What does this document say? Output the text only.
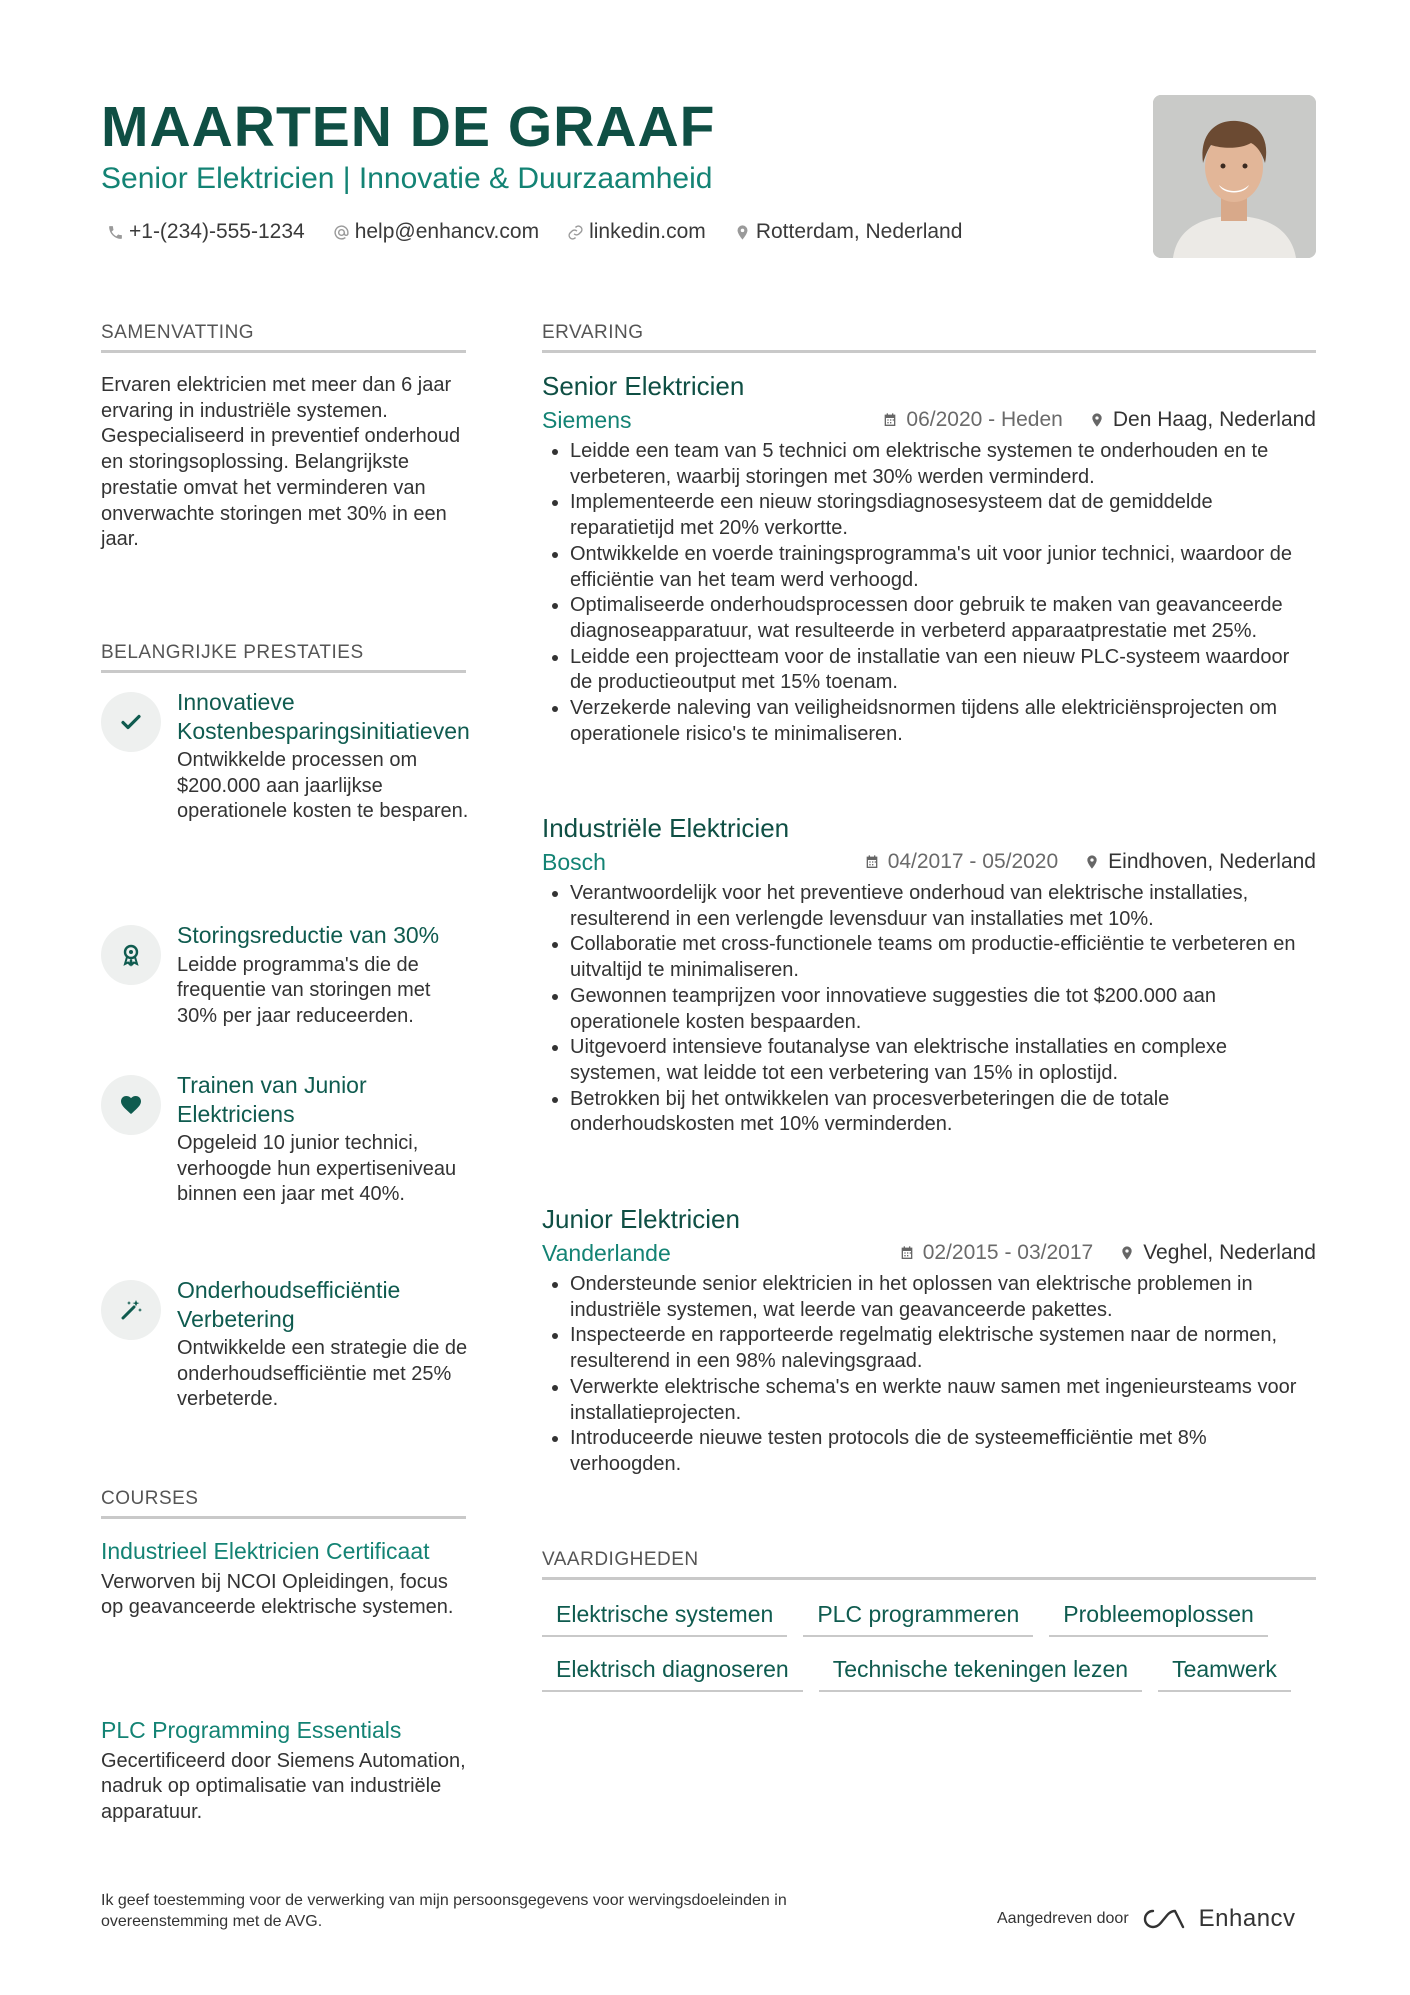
MAARTEN DE GRAAF

Senior Elektricien | Innovatie & Duurzaamheid

+1-(234)-555-1234 help@enhancv.com linkedin.com Rotterdam, Nederland
SAMENVATTING

Ervaren elektricien met meer dan 6 jaar ervaring in industriële systemen. Gespecialiseerd in preventief onderhoud en storingsoplossing. Belangrijkste prestatie omvat het verminderen van onverwachte storingen met 30% in een jaar.

BELANGRIJKE PRESTATIES
Innovatieve Kostenbesparingsinitiatieven

Ontwikkelde processen om $200.000 aan jaarlijkse operationele kosten te besparen.

Storingsreductie van 30%

Leidde programma's die de frequentie van storingen met 30% per jaar reduceerden.

Trainen van Junior Elektriciens

Opgeleid 10 junior technici, verhoogde hun expertiseniveau binnen een jaar met 40%.

Onderhoudsefficiëntie Verbetering

Ontwikkelde een strategie die de onderhoudsefficiëntie met 25% verbeterde.

COURSES
Industrieel Elektricien Certificaat

Verworven bij NCOI Opleidingen, focus op geavanceerde elektrische systemen.

PLC Programming Essentials

Gecertificeerd door Siemens Automation, nadruk op optimalisatie van industriële apparatuur.

ERVARING
Senior Elektricien
Siemens	06/2020 - Heden Den Haag, Nederland
• Leidde een team van 5 technici om elektrische systemen te onderhouden en te verbeteren, waarbij storingen met 30% werden verminderd.
• Implementeerde een nieuw storingsdiagnosesysteem dat de gemiddelde reparatietijd met 20% verkortte.
• Ontwikkelde en voerde trainingsprogramma's uit voor junior technici, waardoor de efficiëntie van het team werd verhoogd.
• Optimaliseerde onderhoudsprocessen door gebruik te maken van geavanceerde diagnoseapparatuur, wat resulteerde in verbeterd apparaatprestatie met 25%.
• Leidde een projectteam voor de installatie van een nieuw PLC-systeem waardoor de productieoutput met 15% toenam.
• Verzekerde naleving van veiligheidsnormen tijdens alle elektriciënsprojecten om operationele risico's te minimaliseren.
Industriële Elektricien
Bosch	04/2017 - 05/2020 Eindhoven, Nederland
• Verantwoordelijk voor het preventieve onderhoud van elektrische installaties, resulterend in een verlengde levensduur van installaties met 10%.
• Collaboratie met cross-functionele teams om productie-efficiëntie te verbeteren en uitvaltijd te minimaliseren.
• Gewonnen teamprijzen voor innovatieve suggesties die tot $200.000 aan operationele kosten bespaarden.
• Uitgevoerd intensieve foutanalyse van elektrische installaties en complexe systemen, wat leidde tot een verbetering van 15% in oplostijd.
• Betrokken bij het ontwikkelen van procesverbeteringen die de totale onderhoudskosten met 10% verminderden.
Junior Elektricien
Vanderlande	02/2015 - 03/2017 Veghel, Nederland
• Ondersteunde senior elektricien in het oplossen van elektrische problemen in industriële systemen, wat leerde van geavanceerde pakettes.
• Inspecteerde en rapporteerde regelmatig elektrische systemen naar de normen, resulterend in een 98% nalevingsgraad.
• Verwerkte elektrische schema's en werkte nauw samen met ingenieursteams voor installatieprojecten.
• Introduceerde nieuwe testen protocols die de systeemefficiëntie met 8% verhoogden.
VAARDIGHEDEN
Elektrische systemen	PLC programmeren	Probleemoplossen
Elektrisch diagnoseren	Technische tekeningen lezen	Teamwerk

Ik geef toestemming voor de verwerking van mijn persoonsgegevens voor wervingsdoeleinden in overeenstemming met de AVG.	Aangedreven door	Enhancv
